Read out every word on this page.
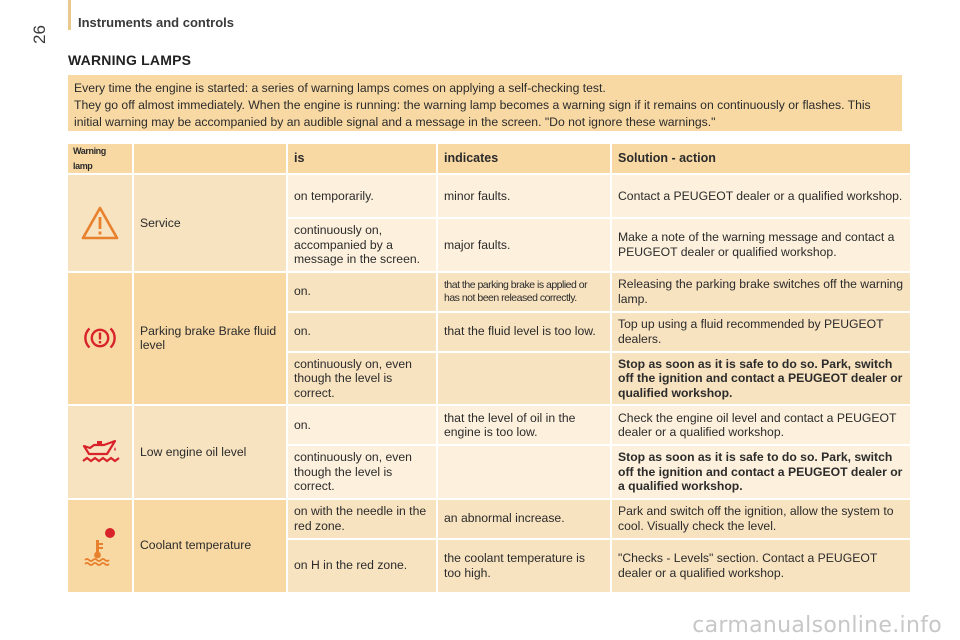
Instruments and controls
26
WARNING LAMPS

Every time the engine is started: a series of warning lamps comes on applying a self-checking test.

They go off almost immediately. When the engine is running: the warning lamp becomes a warning sign if it remains on continuously or flashes. This initial warning may be accompanied by an audible signal and a message in the screen. "Do not ignore these warnings."

Warning lamp		is	indicates	Solution - action

	Service	on temporarily.	minor faults.	Contact a PEUGEOT dealer or a qualified workshop.
		continuously on, accompanied by a message in the screen.	major faults.	Make a note of the warning message and contact a PEUGEOT dealer or qualified workshop.

	Parking brake Brake fluid level	on.	that the parking brake is applied or has not been released correctly.	Releasing the parking brake switches off the warning lamp.
		on.	that the fluid level is too low.	Top up using a fluid recommended by PEUGEOT dealers.
		continuously on, even though the level is correct.		Stop as soon as it is safe to do so. Park, switch off the ignition and contact a PEUGEOT dealer or qualified workshop.

	Low engine oil level	on.	that the level of oil in the engine is too low.	Check the engine oil level and contact a PEUGEOT dealer or a qualified workshop.
		continuously on, even though the level is correct.		Stop as soon as it is safe to do so. Park, switch off the ignition and contact a PEUGEOT dealer or a qualified workshop.

	Coolant temperature	on with the needle in the red zone.	an abnormal increase.	Park and switch off the ignition, allow the system to cool. Visually check the level.
		on H in the red zone.	the coolant temperature is too high.	"Checks - Levels" section. Contact a PEUGEOT dealer or a qualified workshop.
carmanualsonline.info
